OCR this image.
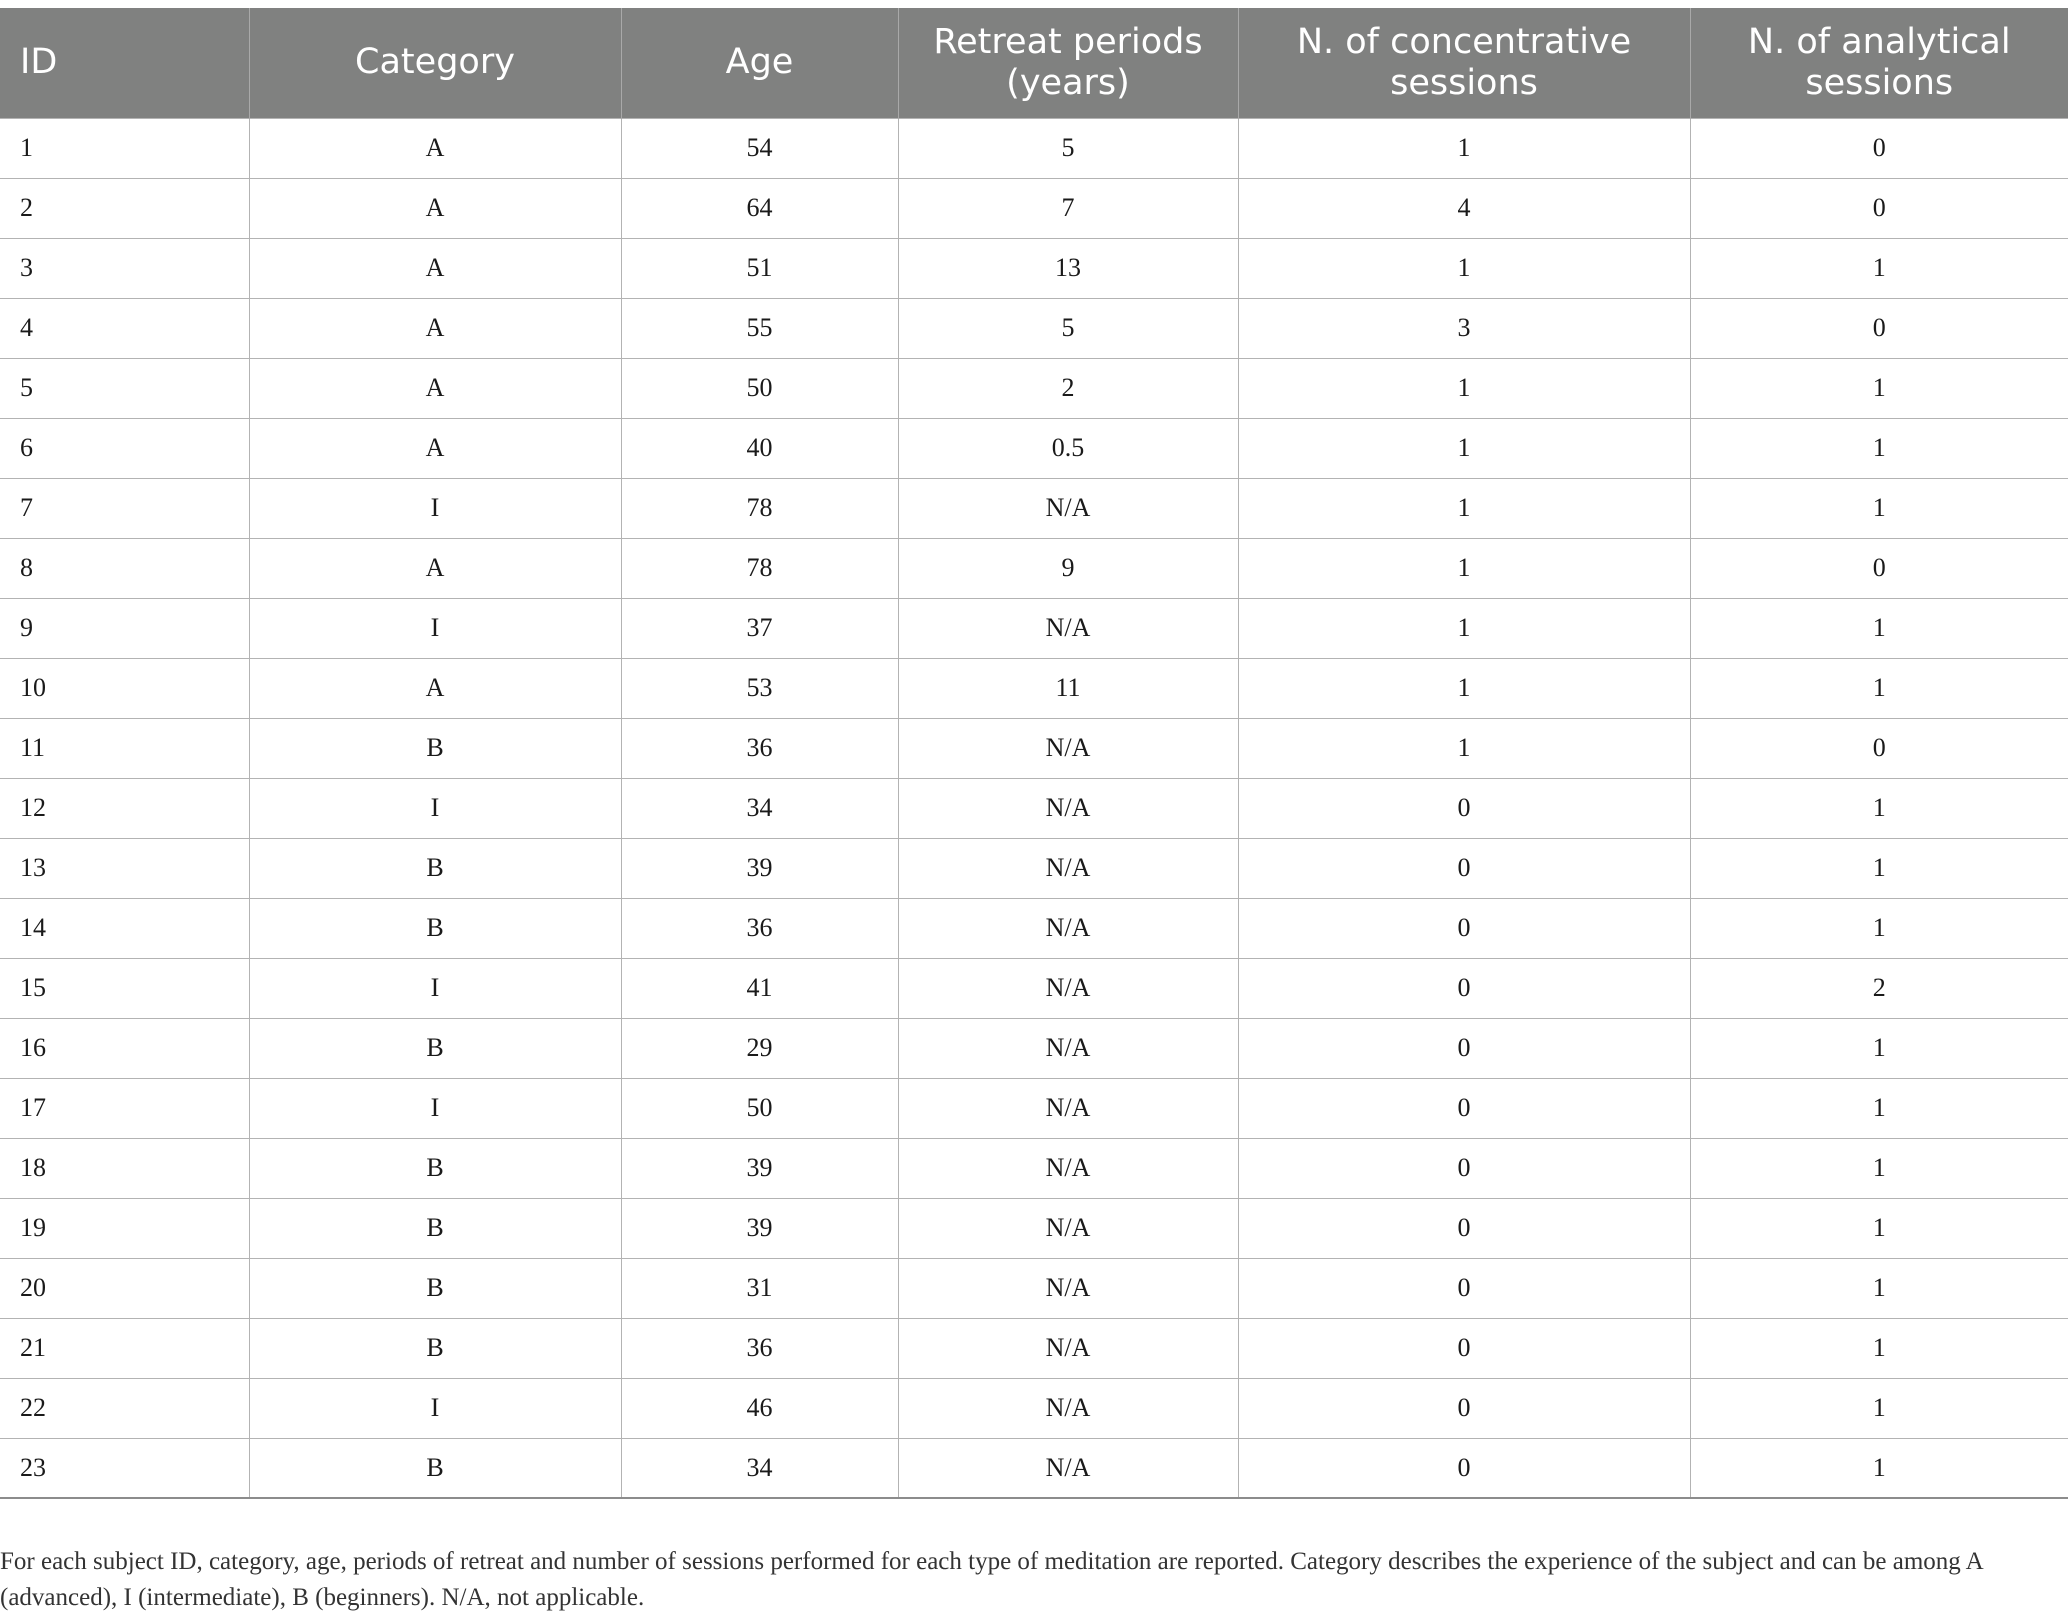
ID	Category	Age	Retreat periods (years)	N. of concentrative sessions	N. of analytical sessions
1	A	54	5	1	0
2	A	64	7	4	0
3	A	51	13	1	1
4	A	55	5	3	0
5	A	50	2	1	1
6	A	40	0.5	1	1
7	I	78	N/A	1	1
8	A	78	9	1	0
9	I	37	N/A	1	1
10	A	53	11	1	1
11	B	36	N/A	1	0
12	I	34	N/A	0	1
13	B	39	N/A	0	1
14	B	36	N/A	0	1
15	I	41	N/A	0	2
16	B	29	N/A	0	1
17	I	50	N/A	0	1
18	B	39	N/A	0	1
19	B	39	N/A	0	1
20	B	31	N/A	0	1
21	B	36	N/A	0	1
22	I	46	N/A	0	1
23	B	34	N/A	0	1

For each subject ID, category, age, periods of retreat and number of sessions performed for each type of meditation are reported. Category describes the experience of the subject and can be among A (advanced), I (intermediate), B (beginners). N/A, not applicable.
